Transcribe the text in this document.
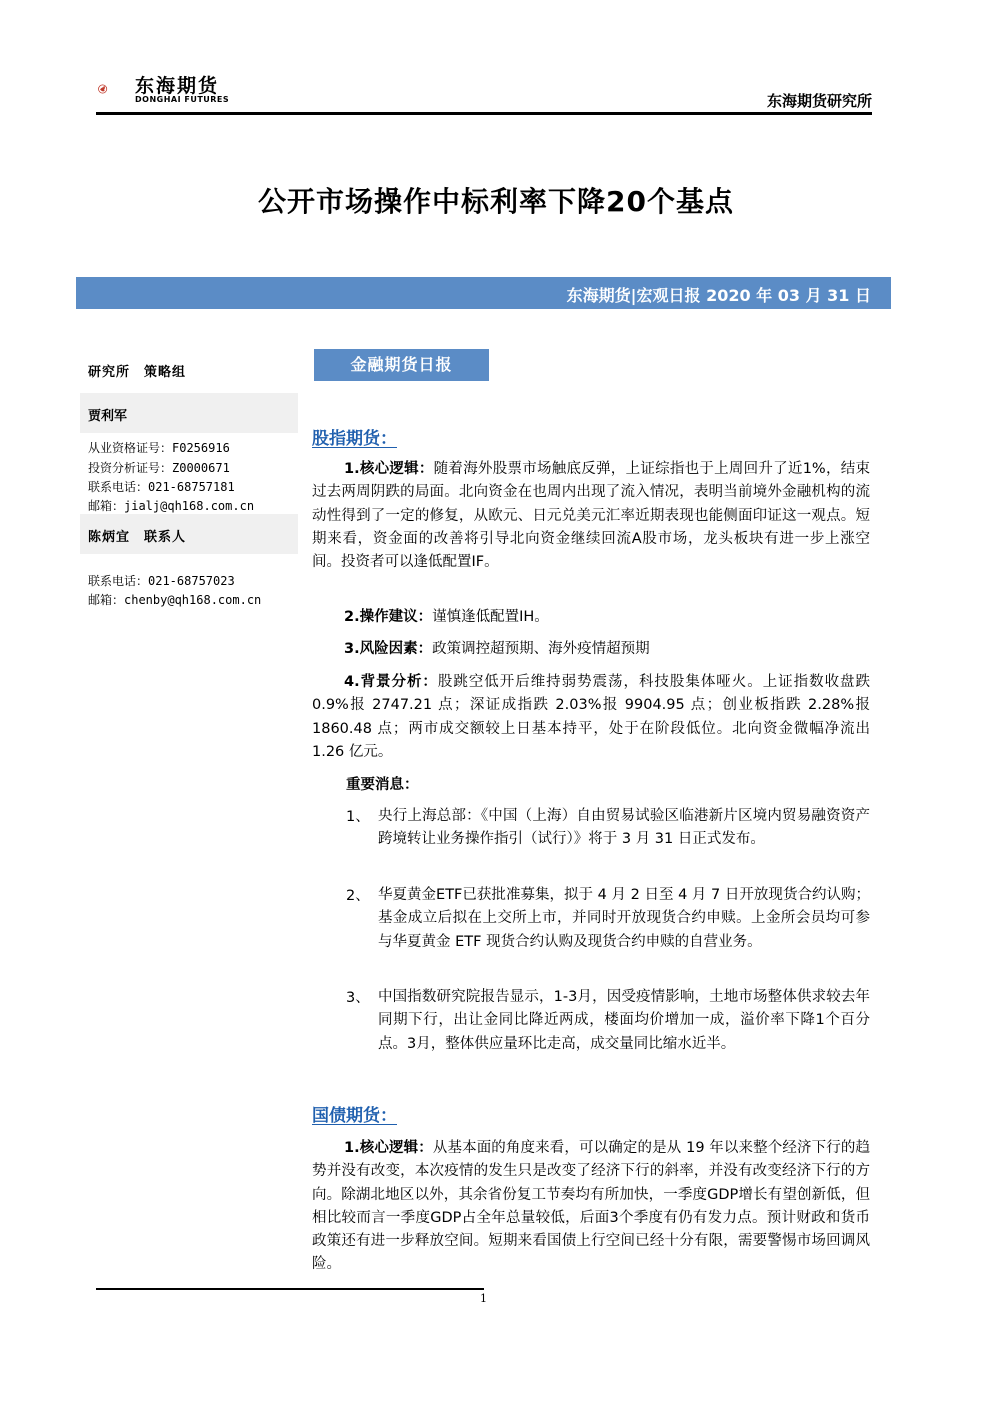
东海期货
DONGHAI FUTURES	东海期货研究所
公开市场操作中标利率下降20个基点
东海期货|宏观日报 2020 年 03 月 31 日
研究所　策略组
贾利军
从业资格证号：F0256916
投资分析证号：Z0000671
联系电话：021-68757181
邮箱：jialj@qh168.com.cn
陈炳宜　联系人
联系电话：021-68757023
邮箱：chenby@qh168.com.cn
金融期货日报
股指期货：
1.核心逻辑：随着海外股票市场触底反弹，上证综指也于上周回升了近1%，结束过去两周阴跌的局面。北向资金在也周内出现了流入情况，表明当前境外金融机构的流动性得到了一定的修复，从欧元、日元兑美元汇率近期表现也能侧面印证这一观点。短期来看，资金面的改善将引导北向资金继续回流A股市场，龙头板块有进一步上涨空间。投资者可以逢低配置IF。
2.操作建议：谨慎逢低配置IH。
3.风险因素：政策调控超预期、海外疫情超预期
4.背景分析：股跳空低开后维持弱势震荡，科技股集体哑火。上证指数收盘跌 0.9%报 2747.21 点；深证成指跌 2.03%报 9904.95 点；创业板指跌 2.28%报 1860.48 点；两市成交额较上日基本持平，处于在阶段低位。北向资金微幅净流出 1.26 亿元。
重要消息：
1、 央行上海总部：《中国（上海）自由贸易试验区临港新片区境内贸易融资资产跨境转让业务操作指引（试行）》将于 3 月 31 日正式发布。
2、 华夏黄金ETF已获批准募集，拟于 4 月 2 日至 4 月 7 日开放现货合约认购；基金成立后拟在上交所上市，并同时开放现货合约申赎。上金所会员均可参与华夏黄金 ETF 现货合约认购及现货合约申赎的自营业务。
3、 中国指数研究院报告显示，1-3月，因受疫情影响，土地市场整体供求较去年同期下行，出让金同比降近两成，楼面均价增加一成，溢价率下降1个百分点。3月，整体供应量环比走高，成交量同比缩水近半。
国债期货：
1.核心逻辑：从基本面的角度来看，可以确定的是从 19 年以来整个经济下行的趋势并没有改变，本次疫情的发生只是改变了经济下行的斜率，并没有改变经济下行的方向。除湖北地区以外，其余省份复工节奏均有所加快，一季度GDP增长有望创新低，但相比较而言一季度GDP占全年总量较低，后面3个季度有仍有发力点。预计财政和货币政策还有进一步释放空间。短期来看国债上行空间已经十分有限，需要警惕市场回调风险。
1
